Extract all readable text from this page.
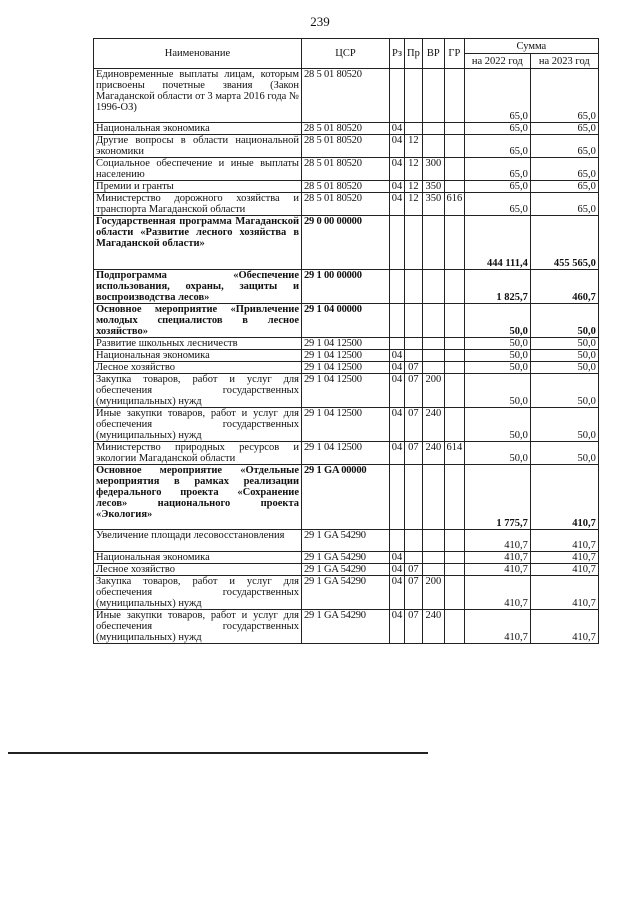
239
Наименование	ЦСР	Рз	Пр	ВР	ГР	Сумма	
						на 2022 год	на 2023 год
Единовременные выплаты лицам, которым присвоены почетные звания (Закон Магаданской области от 3 марта 2016 года № 1996-ОЗ)	28 5 01 80520					65,0	65,0
Национальная экономика	28 5 01 80520	04				65,0	65,0
Другие вопросы в области национальной экономики	28 5 01 80520	04	12			65,0	65,0
Социальное обеспечение и иные выплаты населению	28 5 01 80520	04	12	300		65,0	65,0
Премии и гранты	28 5 01 80520	04	12	350		65,0	65,0
Министерство дорожного хозяйства и транспорта Магаданской области	28 5 01 80520	04	12	350	616	65,0	65,0
Государственная программа Магаданской области «Развитие лесного хозяйства в Магаданской области»	29 0 00 00000					444 111,4	455 565,0
Подпрограмма «Обеспечение использования, охраны, защиты и воспроизводства лесов»	29 1 00 00000					1 825,7	460,7
Основное мероприятие «Привлечение молодых специалистов в лесное хозяйство»	29 1 04 00000					50,0	50,0
Развитие школьных лесничеств	29 1 04 12500					50,0	50,0
Национальная экономика	29 1 04 12500	04				50,0	50,0
Лесное хозяйство	29 1 04 12500	04	07			50,0	50,0
Закупка товаров, работ и услуг для обеспечения государственных (муниципальных) нужд	29 1 04 12500	04	07	200		50,0	50,0
Иные закупки товаров, работ и услуг для обеспечения государственных (муниципальных) нужд	29 1 04 12500	04	07	240		50,0	50,0
Министерство природных ресурсов и экологии Магаданской области	29 1 04 12500	04	07	240	614	50,0	50,0
Основное мероприятие «Отдельные мероприятия в рамках реализации федерального проекта «Сохранение лесов» национального проекта «Экология»	29 1 GA 00000					1 775,7	410,7
Увеличение площади лесовосстановления	29 1 GA 54290					410,7	410,7
Национальная экономика	29 1 GA 54290	04				410,7	410,7
Лесное хозяйство	29 1 GA 54290	04	07			410,7	410,7
Закупка товаров, работ и услуг для обеспечения государственных (муниципальных) нужд	29 1 GA 54290	04	07	200		410,7	410,7
Иные закупки товаров, работ и услуг для обеспечения государственных (муниципальных) нужд	29 1 GA 54290	04	07	240		410,7	410,7
